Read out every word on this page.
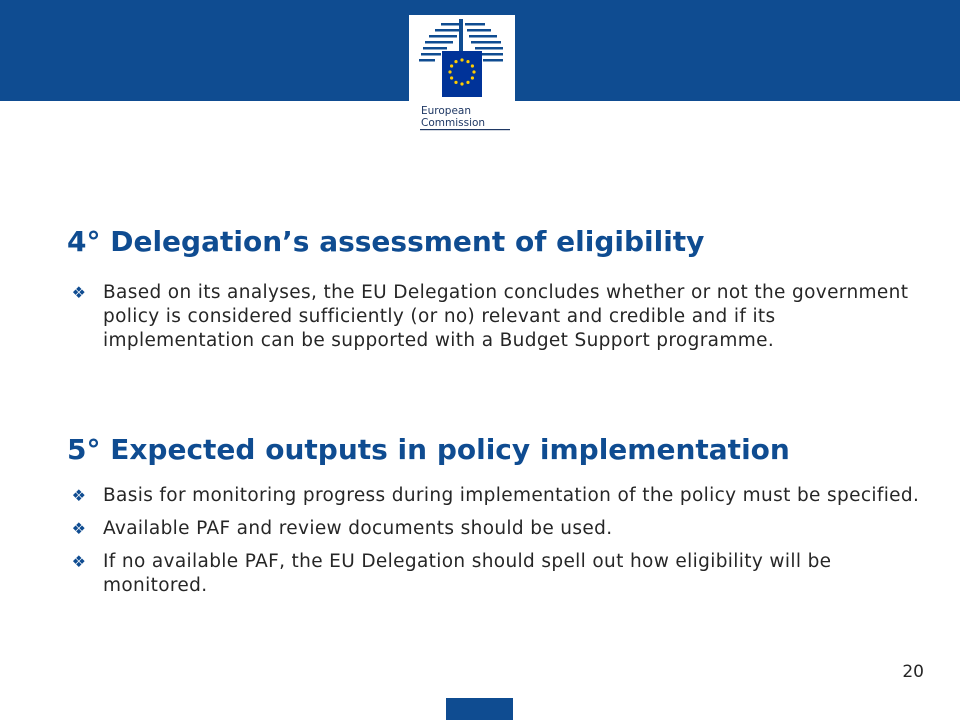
European
Commission
4° Delegation’s assessment of eligibility
❖ Based on its analyses, the EU Delegation concludes whether or not the government policy is considered sufficiently (or no) relevant and credible and if its implementation can be supported with a Budget Support programme.
5° Expected outputs in policy implementation
❖ Basis for monitoring progress during implementation of the policy must be specified.
❖ Available PAF and review documents should be used.
❖ If no available PAF, the EU Delegation should spell out how eligibility will be monitored.
20
